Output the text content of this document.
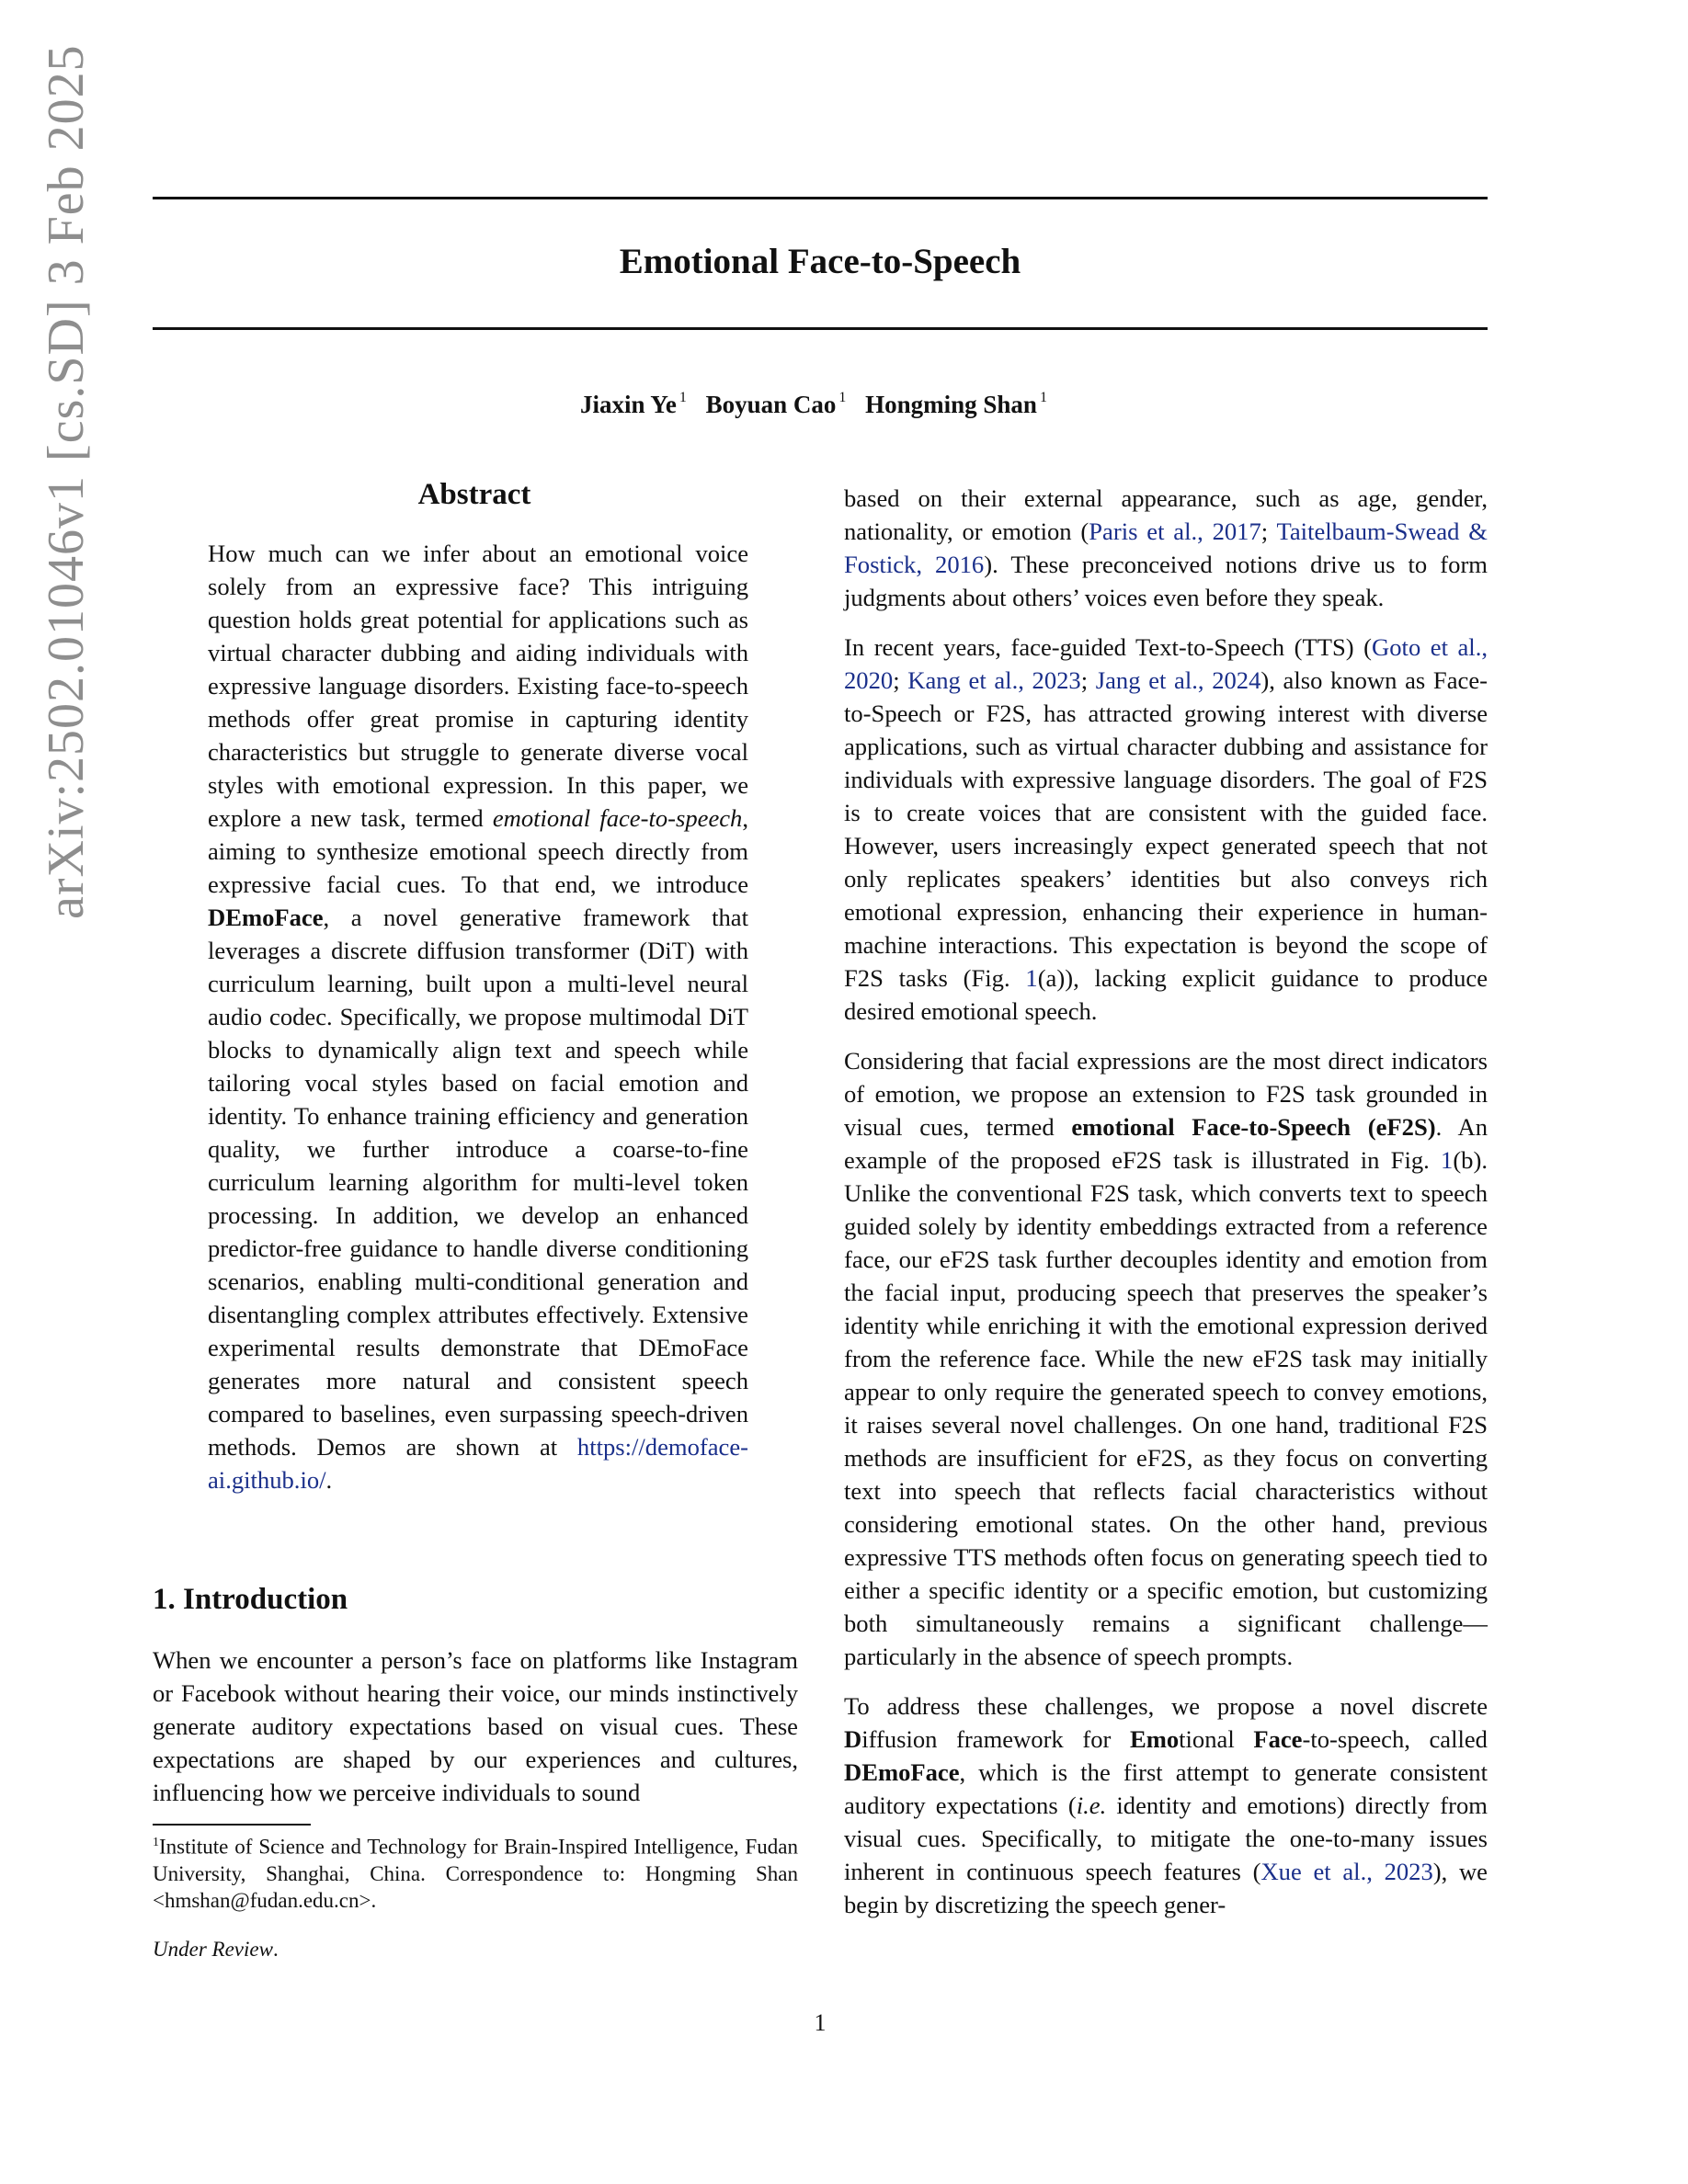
arXiv:2502.01046v1 [cs.SD] 3 Feb 2025	Emotional Face-to-Speech
Jiaxin Ye $^1$ Boyuan Cao $^1$ Hongming Shan $^1$
Abstract
How much can we infer about an emotional voice solely from an expressive face? This intriguing question holds great potential for applications such as virtual character dubbing and aiding individuals with expressive language disorders. Existing face-to-speech methods offer great promise in capturing identity characteristics but struggle to generate diverse vocal styles with emotional expression. In this paper, we explore a new task, termed emotional face-to-speech, aiming to synthesize emotional speech directly from expressive facial cues. To that end, we introduce DEmoFace, a novel generative framework that leverages a discrete diffusion transformer (DiT) with curriculum learning, built upon a multi-level neural audio codec. Specifically, we propose multimodal DiT blocks to dynamically align text and speech while tailoring vocal styles based on facial emotion and identity. To enhance training efficiency and generation quality, we further introduce a coarse-to-fine curriculum learning algorithm for multi-level token processing. In addition, we develop an enhanced predictor-free guidance to handle diverse conditioning scenarios, enabling multi-conditional generation and disentangling complex attributes effectively. Extensive experimental results demonstrate that DEmoFace generates more natural and consistent speech compared to baselines, even surpassing speech-driven methods. Demos are shown at https://demoface-ai.github.io/.
1. Introduction

When we encounter a person’s face on platforms like Instagram or Facebook without hearing their voice, our minds instinctively generate auditory expectations based on visual cues. These expectations are shaped by our experiences and cultures, influencing how we perceive individuals to sound

$^1$Institute of Science and Technology for Brain-Inspired Intelligence, Fudan University, Shanghai, China. Correspondence to: Hongming Shan <hmshan@fudan.edu.cn>.
Under Review.

based on their external appearance, such as age, gender, nationality, or emotion (Paris et al., 2017; Taitelbaum-Swead & Fostick, 2016). These preconceived notions drive us to form judgments about others’ voices even before they speak.

In recent years, face-guided Text-to-Speech (TTS) (Goto et al., 2020; Kang et al., 2023; Jang et al., 2024), also known as Face-to-Speech or F2S, has attracted growing interest with diverse applications, such as virtual character dubbing and assistance for individuals with expressive language disorders. The goal of F2S is to create voices that are consistent with the guided face. However, users increasingly expect generated speech that not only replicates speakers’ identities but also conveys rich emotional expression, enhancing their experience in human-machine interactions. This expectation is beyond the scope of F2S tasks (Fig. 1(a)), lacking explicit guidance to produce desired emotional speech.

Considering that facial expressions are the most direct indicators of emotion, we propose an extension to F2S task grounded in visual cues, termed emotional Face-to-Speech (eF2S). An example of the proposed eF2S task is illustrated in Fig. 1(b). Unlike the conventional F2S task, which converts text to speech guided solely by identity embeddings extracted from a reference face, our eF2S task further decouples identity and emotion from the facial input, producing speech that preserves the speaker’s identity while enriching it with the emotional expression derived from the reference face. While the new eF2S task may initially appear to only require the generated speech to convey emotions, it raises several novel challenges. On one hand, traditional F2S methods are insufficient for eF2S, as they focus on converting text into speech that reflects facial characteristics without considering emotional states. On the other hand, previous expressive TTS methods often focus on generating speech tied to either a specific identity or a specific emotion, but customizing both simultaneously remains a significant challenge—particularly in the absence of speech prompts.

To address these challenges, we propose a novel discrete Diffusion framework for Emotional Face-to-speech, called DEmoFace, which is the first attempt to generate consistent auditory expectations (i.e. identity and emotions) directly from visual cues. Specifically, to mitigate the one-to-many issues inherent in continuous speech features (Xue et al., 2023), we begin by discretizing the speech gener-

1
